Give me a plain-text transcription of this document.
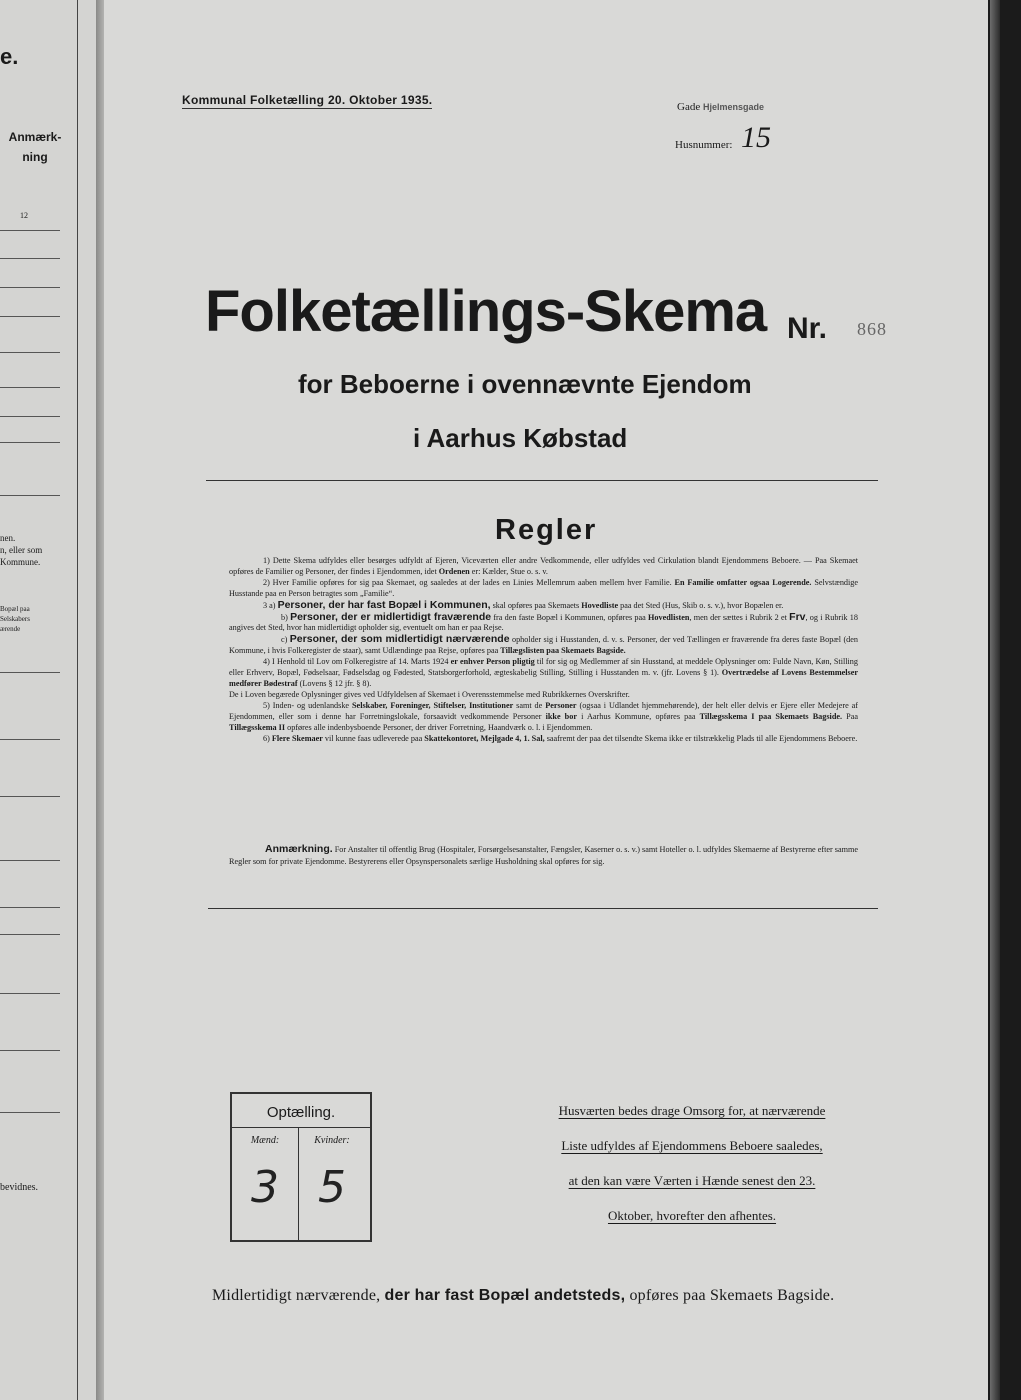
e.
Anmærk-
ning
12
nen.
n, eller som
Kommune.
Bopæl paa
Selskabers
ærende
bevidnes.
Kommunal Folketælling 20. Oktober 1935.	Gade Hjelmensgade
Husnummer: 15
Folketællings-Skema Nr. 868
for Beboerne i ovennævnte Ejendom
i Aarhus Købstad
Regler

1) Dette Skema udfyldes eller besørges udfyldt af Ejeren, Viceværten eller andre Vedkommende, eller udfyldes ved Cirkulation blandt Ejendommens Beboere. — Paa Skemaet opføres de Familier og Personer, der findes i Ejendommen, idet Ordenen er: Kælder, Stue o. s. v.

2) Hver Familie opføres for sig paa Skemaet, og saaledes at der lades en Linies Mellemrum aaben mellem hver Familie. En Familie omfatter ogsaa Logerende. Selvstændige Husstande paa en Person betragtes som „Familie“.

3 a) Personer, der har fast Bopæl i Kommunen, skal opføres paa Skemaets Hovedliste paa det Sted (Hus, Skib o. s. v.), hvor Bopælen er.

b) Personer, der er midlertidigt fraværende fra den faste Bopæl i Kommunen, opføres paa Hovedlisten, men der sættes i Rubrik 2 et Frv, og i Rubrik 18 angives det Sted, hvor han midlertidigt opholder sig, eventuelt om han er paa Rejse.

c) Personer, der som midlertidigt nærværende opholder sig i Husstanden, d. v. s. Personer, der ved Tællingen er fraværende fra deres faste Bopæl (den Kommune, i hvis Folkeregister de staar), samt Udlændinge paa Rejse, opføres paa Tillægslisten paa Skemaets Bagside.

4) I Henhold til Lov om Folkeregistre af 14. Marts 1924 er enhver Person pligtig til for sig og Medlemmer af sin Husstand, at meddele Oplysninger om: Fulde Navn, Køn, Stilling eller Erhverv, Bopæl, Fødselsaar, Fødselsdag og Fødested, Statsborgerforhold, ægteskabelig Stilling, Stilling i Husstanden m. v. (jfr. Lovens § 1). Overtrædelse af Lovens Bestemmelser medfører Bødestraf (Lovens § 12 jfr. § 8).

De i Loven begærede Oplysninger gives ved Udfyldelsen af Skemaet i Overensstemmelse med Rubrikkernes Overskrifter.

5) Inden- og udenlandske Selskaber, Foreninger, Stiftelser, Institutioner samt de Personer (ogsaa i Udlandet hjemmehørende), der helt eller delvis er Ejere eller Medejere af Ejendommen, eller som i denne har Forretningslokale, forsaavidt vedkommende Personer ikke bor i Aarhus Kommune, opføres paa Tillægsskema I paa Skemaets Bagside. Paa Tillægsskema II opføres alle indenbysboende Personer, der driver Forretning, Haandværk o. l. i Ejendommen.

6) Flere Skemaer vil kunne faas udleverede paa Skattekontoret, Mejlgade 4, 1. Sal, saafremt der paa det tilsendte Skema ikke er tilstrækkelig Plads til alle Ejendommens Beboere.

Anmærkning. For Anstalter til offentlig Brug (Hospitaler, Forsørgelsesanstalter, Fængsler, Kaserner o. s. v.) samt Hoteller o. l. udfyldes Skemaerne af Bestyrerne efter samme Regler som for private Ejendomme. Bestyrerens eller Opsynspersonalets særlige Husholdning skal opføres for sig.

Optælling.
Mænd:	Kvinder:
3 5
Husværten bedes drage Omsorg for, at nærværende
Liste udfyldes af Ejendommens Beboere saaledes,
at den kan være Værten i Hænde senest den 23.
Oktober, hvorefter den afhentes.
Midlertidigt nærværende, der har fast Bopæl andetsteds, opføres paa Skemaets Bagside.
